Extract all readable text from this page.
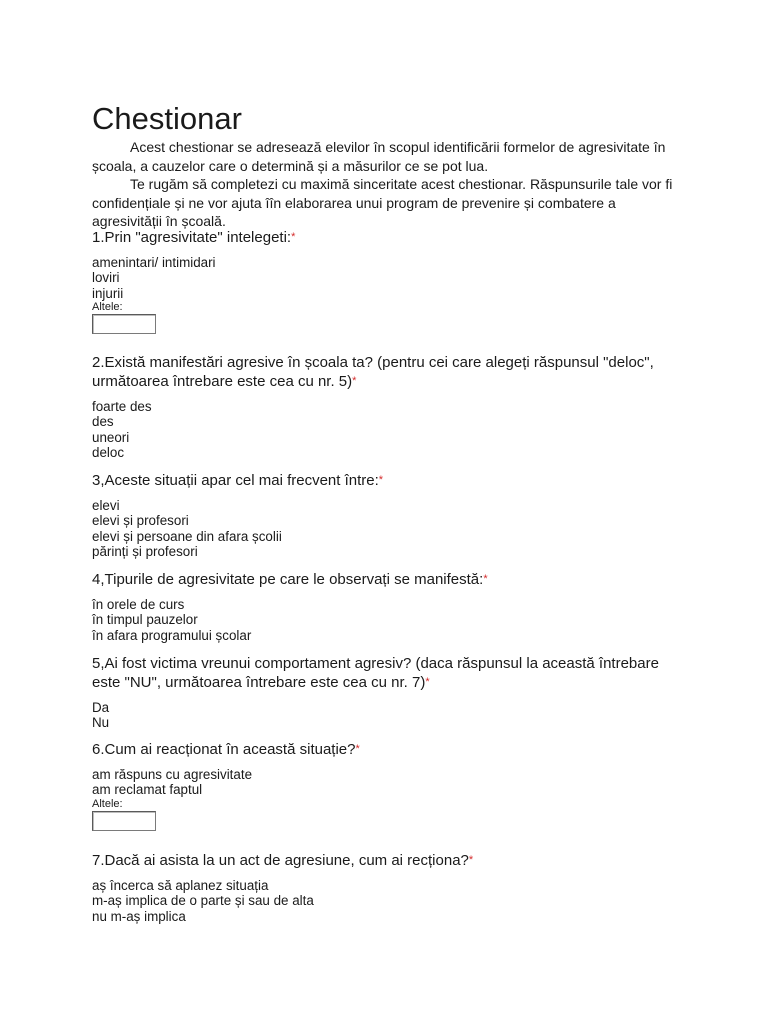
Chestionar

Acest chestionar se adresează elevilor în scopul identificării formelor de agresivitate în școala, a cauzelor care o determină și a măsurilor ce se pot lua.

Te rugăm să completezi cu maximă sinceritate acest chestionar. Răspunsurile tale vor fi confidențiale și ne vor ajuta îîn elaborarea unui program de prevenire și combatere a agresivității în școală.

1.Prin "agresivitate" intelegeti:*

amenintari/ intimidari
loviri
injurii
Altele:

2.Există manifestări agresive în școala ta? (pentru cei care alegeți răspunsul "deloc", următoarea întrebare este cea cu nr. 5)*

foarte des
des
uneori
deloc

3,Aceste situații apar cel mai frecvent între:*

elevi
elevi și profesori
elevi și persoane din afara școlii
părinți și profesori

4,Tipurile de agresivitate pe care le observați se manifestă:*

în orele de curs
în timpul pauzelor
în afara programului școlar

5,Ai fost victima vreunui comportament agresiv? (daca răspunsul la această întrebare este "NU", următoarea întrebare este cea cu nr. 7)*

Da
Nu

6.Cum ai reacționat în această situație?*

am răspuns cu agresivitate
am reclamat faptul
Altele:

7.Dacă ai asista la un act de agresiune, cum ai recționa?*

aș încerca să aplanez situația
m-aș implica de o parte și sau de alta
nu m-aș implica
